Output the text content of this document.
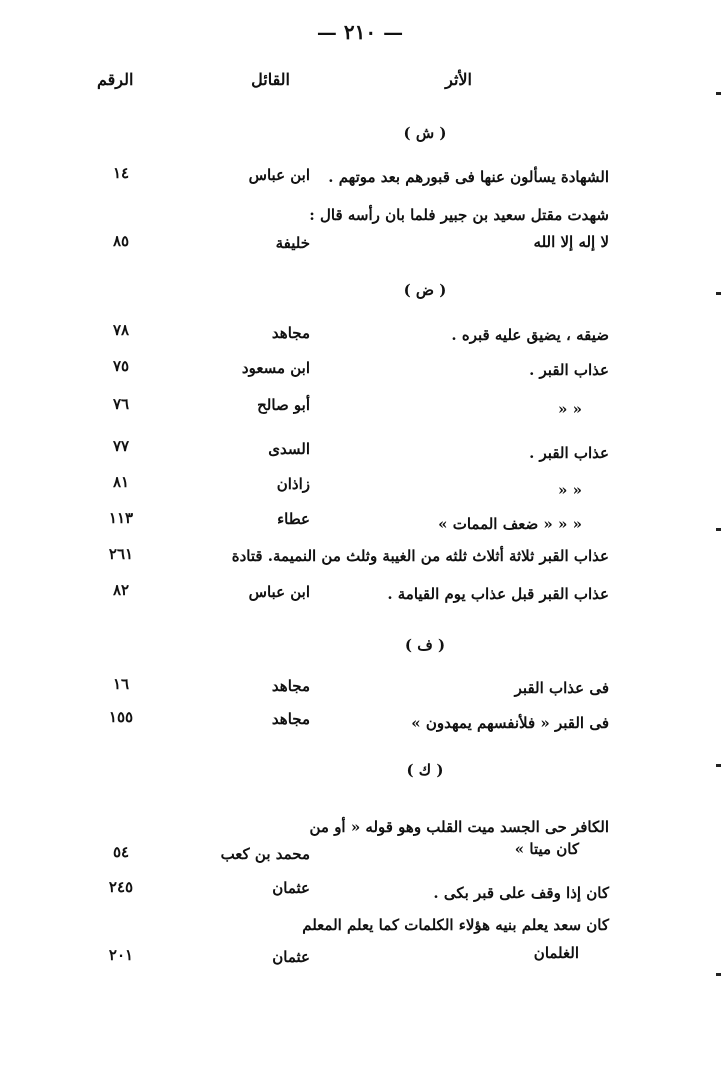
— ٢١٠ —
الأثر
القائل
الرقم
( ش )
الشهادة يسألون عنها فى قبورهم بعد موتهم .
ابن عباس
١٤
شهدت مقتل سعيد بن جبير فلما بان رأسه قال :
لا إله إلا الله
خليفة
٨٥
( ض )
ضيقه ، يضيق عليه قبره .
مجاهد
٧٨
عذاب القبر .
ابن مسعود
٧٥
« «
أبو صالح
٧٦
عذاب القبر .
السدى
٧٧
« «
زاذان
٨١
« « « ضعف الممات »
عطاء
١١٣
عذاب القبر ثلاثة أثلاث ثلثه من الغيبة وثلث من النميمة. قتادة
٢٦١
عذاب القبر قبل عذاب يوم القيامة .
ابن عباس
٨٢
( ف )
فى عذاب القبر
مجاهد
١٦
فى القبر « فلأنفسهم يمهدون »
مجاهد
١٥٥
( ك )
الكافر حى الجسد ميت القلب وهو قوله « أو من
كان ميتا »
محمد بن كعب
٥٤
كان إذا وقف على قبر بكى .
عثمان
٢٤٥
كان سعد يعلم بنيه هؤلاء الكلمات كما يعلم المعلم
الغلمان
عثمان
٢٠١
